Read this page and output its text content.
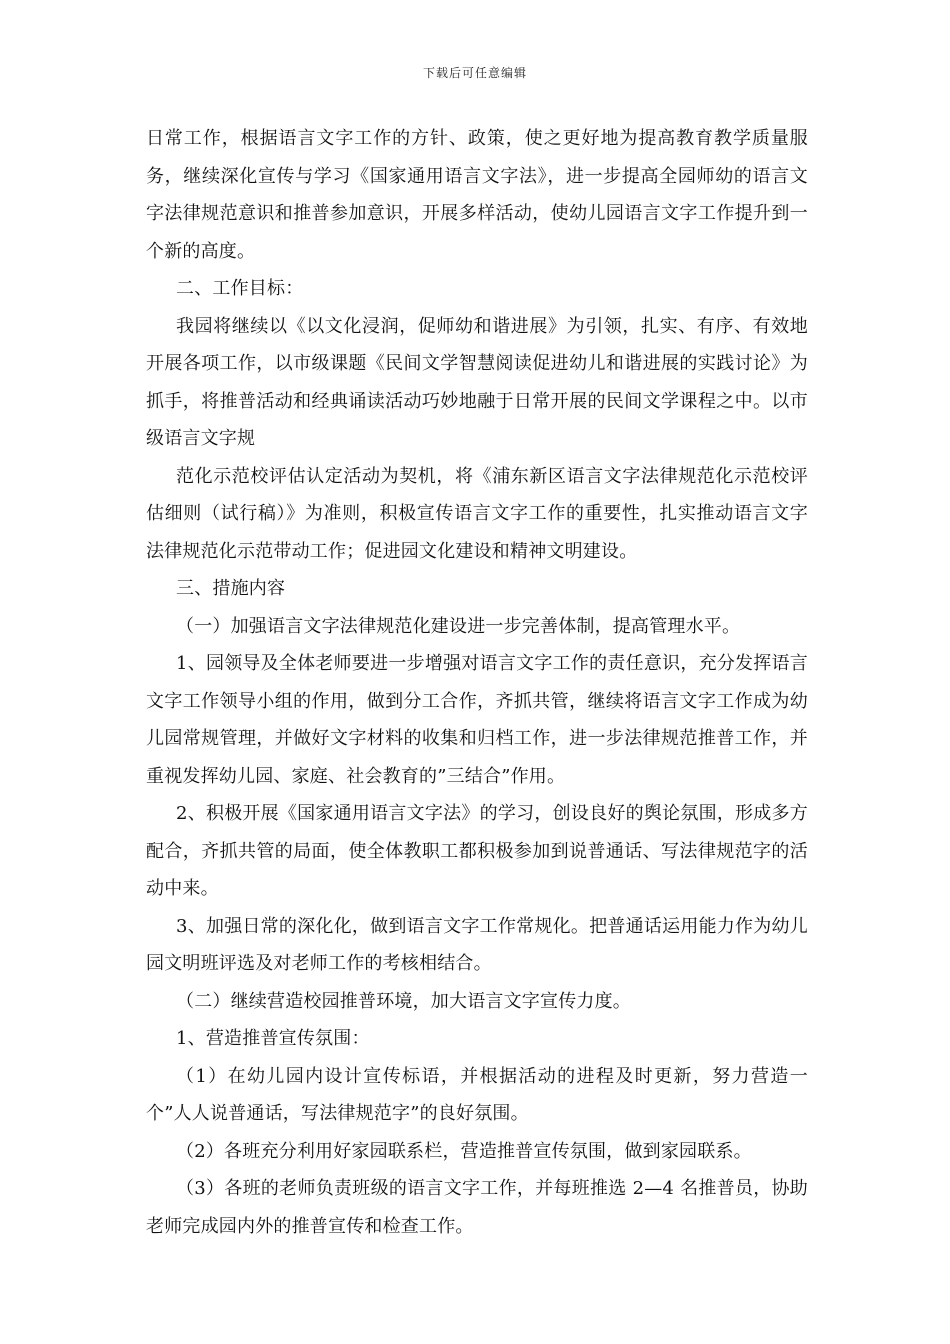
下载后可任意编辑

日常工作，根据语言文字工作的方针、政策，使之更好地为提高教育教学质量服务，继续深化宣传与学习《国家通用语言文字法》，进一步提高全园师幼的语言文字法律规范意识和推普参加意识，开展多样活动，使幼儿园语言文字工作提升到一个新的高度。

二、工作目标：

我园将继续以《以文化浸润，促师幼和谐进展》为引领，扎实、有序、有效地开展各项工作，以市级课题《民间文学智慧阅读促进幼儿和谐进展的实践讨论》为抓手，将推普活动和经典诵读活动巧妙地融于日常开展的民间文学课程之中。以市级语言文字规

范化示范校评估认定活动为契机，将《浦东新区语言文字法律规范化示范校评估细则（试行稿）》为准则，积极宣传语言文字工作的重要性，扎实推动语言文字法律规范化示范带动工作；促进园文化建设和精神文明建设。

三、措施内容

（一）加强语言文字法律规范化建设进一步完善体制，提高管理水平。

1、园领导及全体老师要进一步增强对语言文字工作的责任意识，充分发挥语言文字工作领导小组的作用，做到分工合作，齐抓共管，继续将语言文字工作成为幼儿园常规管理，并做好文字材料的收集和归档工作，进一步法律规范推普工作，并重视发挥幼儿园、家庭、社会教育的”三结合”作用。

2、积极开展《国家通用语言文字法》的学习，创设良好的舆论氛围，形成多方配合，齐抓共管的局面，使全体教职工都积极参加到说普通话、写法律规范字的活动中来。

3、加强日常的深化化，做到语言文字工作常规化。把普通话运用能力作为幼儿园文明班评选及对老师工作的考核相结合。

（二）继续营造校园推普环境，加大语言文字宣传力度。

1、营造推普宣传氛围：

（1）在幼儿园内设计宣传标语，并根据活动的进程及时更新，努力营造一个”人人说普通话，写法律规范字”的良好氛围。

（2）各班充分利用好家园联系栏，营造推普宣传氛围，做到家园联系。

（3）各班的老师负责班级的语言文字工作，并每班推选 2—4 名推普员，协助老师完成园内外的推普宣传和检查工作。
